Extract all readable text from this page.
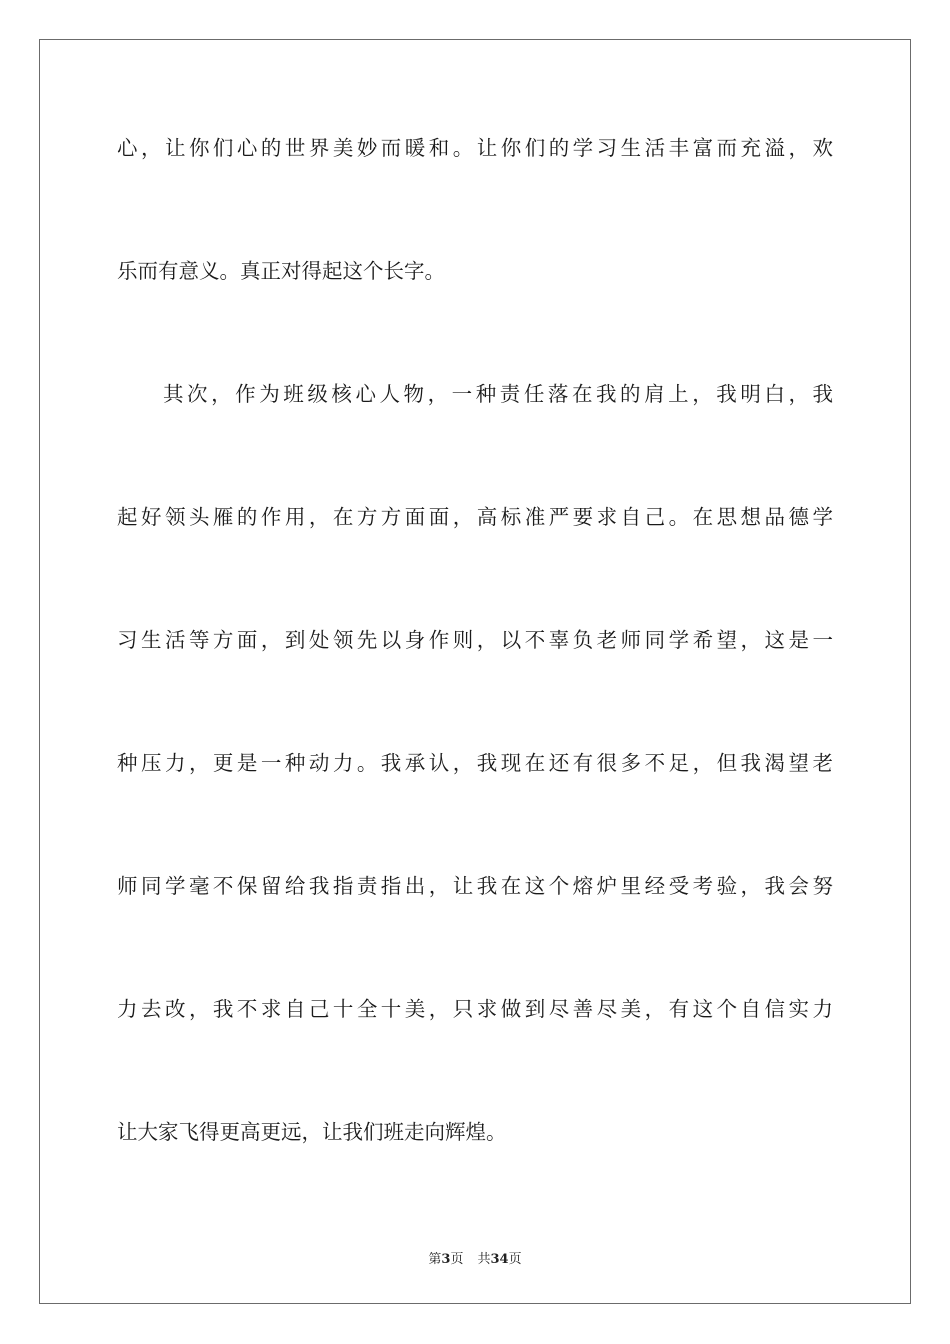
心，让你们心的世界美妙而暖和。让你们的学习生活丰富而充溢，欢
乐而有意义。真正对得起这个长字。
其次，作为班级核心人物，一种责任落在我的肩上，我明白，我
起好领头雁的作用，在方方面面，高标准严要求自己。在思想品德学
习生活等方面，到处领先以身作则，以不辜负老师同学希望，这是一
种压力，更是一种动力。我承认，我现在还有很多不足，但我渴望老
师同学毫不保留给我指责指出，让我在这个熔炉里经受考验，我会努
力去改，我不求自己十全十美，只求做到尽善尽美，有这个自信实力
让大家飞得更高更远，让我们班走向辉煌。
第3页 共34页
